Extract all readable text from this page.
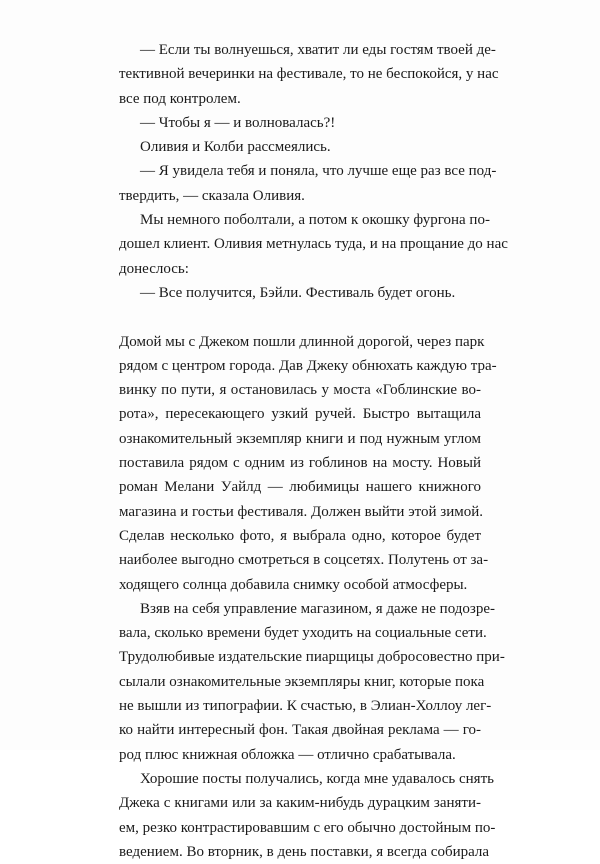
— Если ты волнуешься, хватит ли еды гостям твоей де-

тективной вечеринки на фестивале, то не беспокойся, у нас

все под контролем.

— Чтобы я — и волновалась?!

Оливия и Колби рассмеялись.

— Я увидела тебя и поняла, что лучше еще раз все под-

твердить, — сказала Оливия.

Мы немного поболтали, а потом к окошку фургона по-

дошел клиент. Оливия метнулась туда, и на прощание до нас

донеслось:

— Все получится, Бэйли. Фестиваль будет огонь.

Домой мы с Джеком пошли длинной дорогой, через парк

рядом с центром города. Дав Джеку обнюхать каждую тра-

винку по пути, я остановилась у моста «Гоблинские во-

рота», пересекающего узкий ручей. Быстро вытащила

ознакомительный экземпляр книги и под нужным углом

поставила рядом с одним из гоблинов на мосту. Новый

роман Мелани Уайлд — любимицы нашего книжного

магазина и гостьи фестиваля. Должен выйти этой зимой.

Сделав несколько фото, я выбрала одно, которое будет

наиболее выгодно смотреться в соцсетях. Полутень от за-

ходящего солнца добавила снимку особой атмосферы.

Взяв на себя управление магазином, я даже не подозре-

вала, сколько времени будет уходить на социальные сети.

Трудолюбивые издательские пиарщицы добросовестно при-

сылали ознакомительные экземпляры книг, которые пока

не вышли из типографии. К счастью, в Элиан-Холлоу лег-

ко найти интересный фон. Такая двойная реклама — го-

род плюс книжная обложка — отлично срабатывала.

Хорошие посты получались, когда мне удавалось снять

Джека с книгами или за каким-нибудь дурацким заняти-

ем, резко контрастировавшим с его обычно достойным по-

ведением. Во вторник, в день поставки, я всегда собирала
